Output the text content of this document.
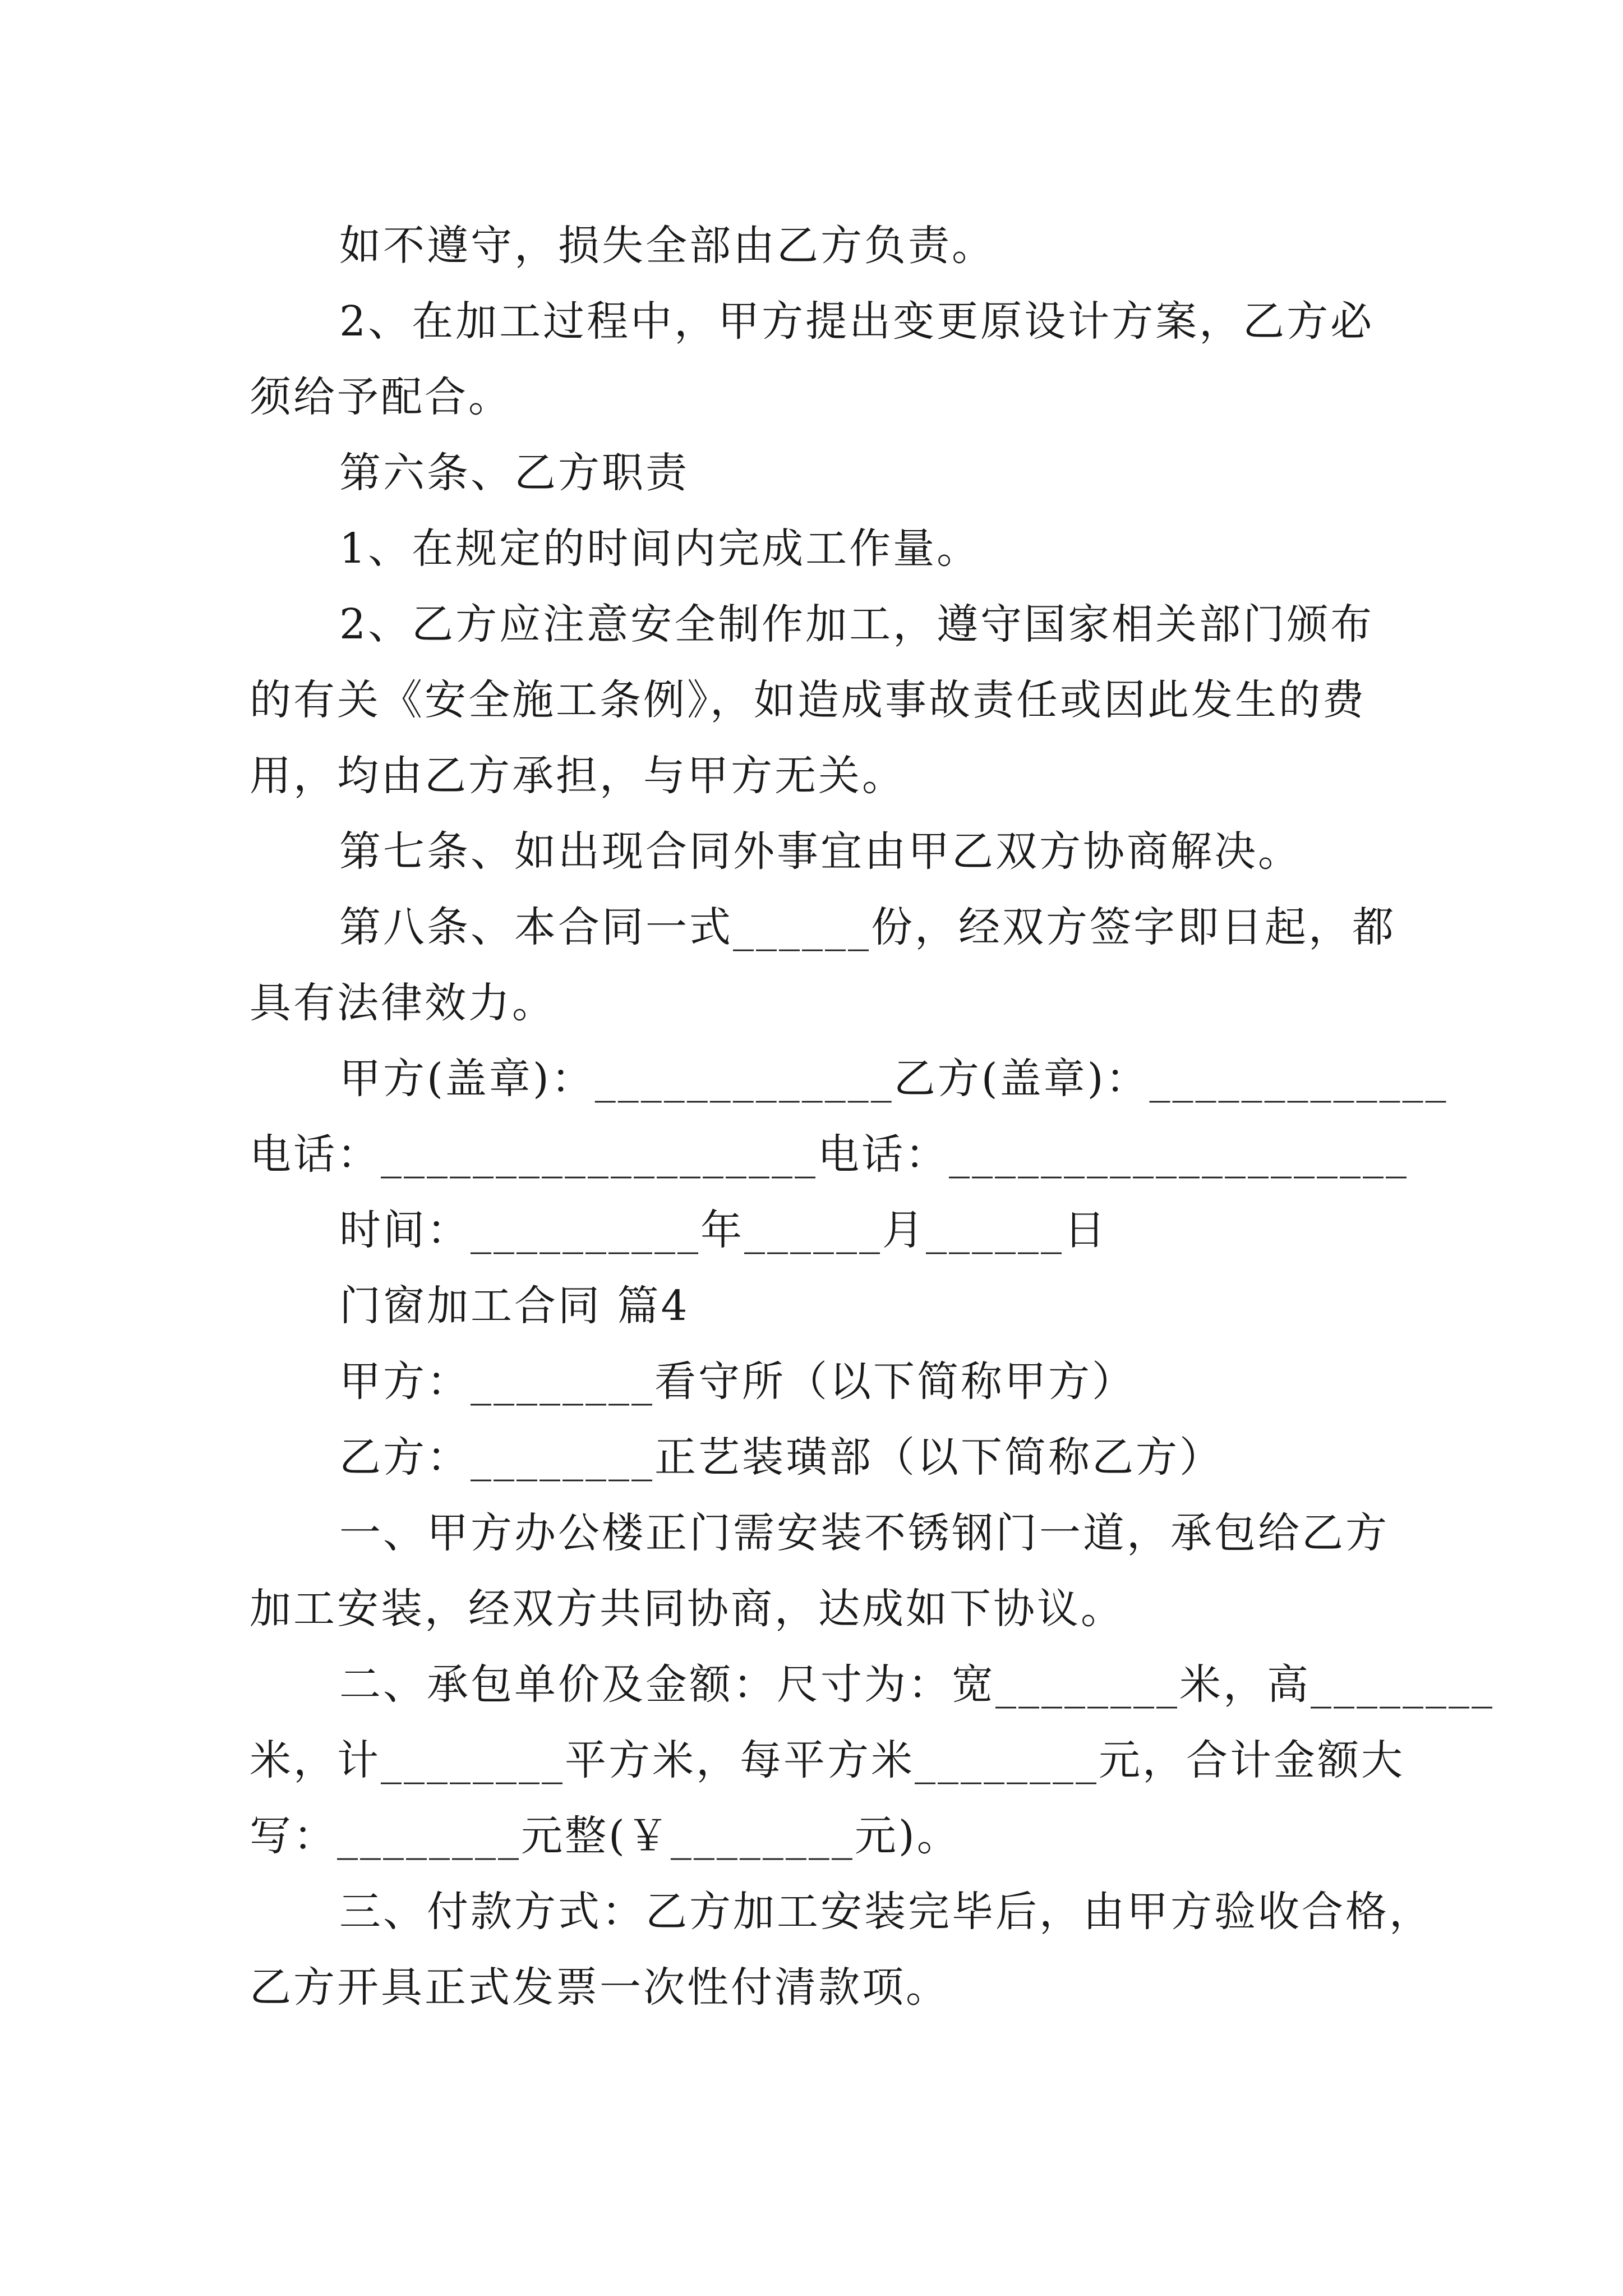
如不遵守，损失全部由乙方负责。
2、在加工过程中，甲方提出变更原设计方案，乙方必
须给予配合。
第六条、乙方职责
1、在规定的时间内完成工作量。
2、乙方应注意安全制作加工，遵守国家相关部门颁布
的有关《安全施工条例》，如造成事故责任或因此发生的费
用，均由乙方承担，与甲方无关。
第七条、如出现合同外事宜由甲乙双方协商解决。
第八条、本合同一式______份，经双方签字即日起，都
具有法律效力。
甲方(盖章)：_____________乙方(盖章)：_____________
电话：___________________电话：____________________
时间：__________年______月______日
门窗加工合同 篇4
甲方：________看守所（以下简称甲方）
乙方：________正艺装璜部（以下简称乙方）
一、甲方办公楼正门需安装不锈钢门一道，承包给乙方
加工安装，经双方共同协商，达成如下协议。
二、承包单价及金额：尺寸为：宽________米，高________
米，计________平方米，每平方米________元，合计金额大
写：________元整(￥________元)。
三、付款方式：乙方加工安装完毕后，由甲方验收合格，
乙方开具正式发票一次性付清款项。
